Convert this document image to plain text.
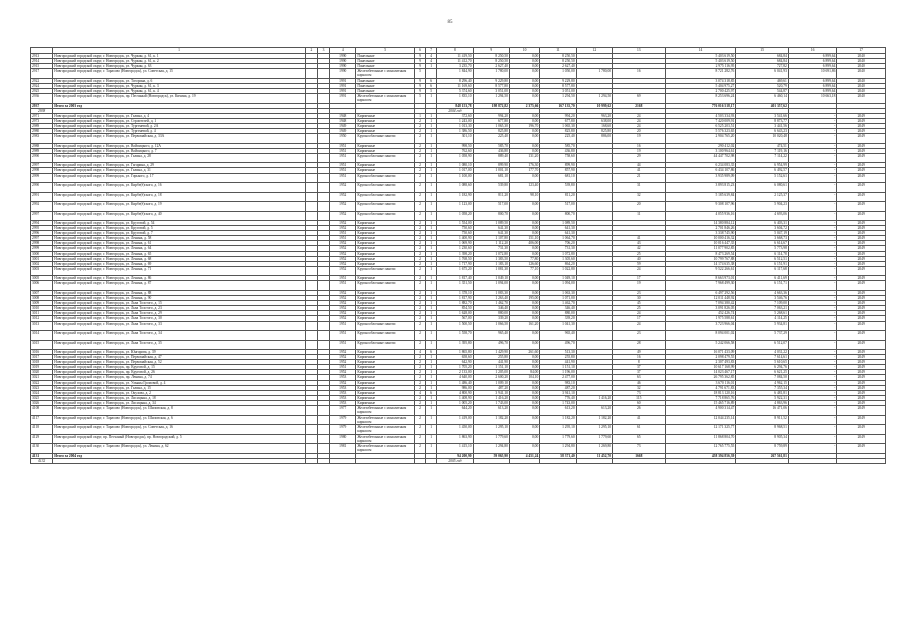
85
	1	2	3	4	5	6	7	8	9	10	11	12	13	14	15	16	17
2913	Новгородский городской округ, г. Новгородск, ул. Чуркин, д. 61, к. 1			1990	Панельные	9	4	11 419,50	8 250,50	0,00	8 250,50			5 403 619,50	684,84	6 899,64	2040
2914	Новгородский городской округ, г. Новгородск, ул. Чуркин, д. 61, к. 2			1990	Панельные	9	4	11 412,70	8 250,50	0,00	8 250,50			5 403 619,50	684,84	6 899,64	2040
2915	Новгородский городской округ, г. Новгородск, ул. Чуркин, д. 63			1990	Панельные	9	1	3 235,70	2 627,40	0,00	2 627,40			2 975 116,95	727,82	6 899,64	2040
2917	Новгородский городской округ, г. Тарасово (Новгородск), ул. Советская, д. 15			1990	Железобетонные с монолитным каркасом	5		1 844,90	1 780,00	0,00	1 050,00	1 780,00	16	8 721 282,76	6 041,93	10 691,86	2040
2922	Новгородский городской округ, г. Новгородск, ул. Тогорина, д. 6			1991	Панельные	9	6	8 296,40	9 229,80	0,00	9 229,80			3 074 318,85	469,61	6 899,64	2040
2924	Новгородский городской округ, г. Новгородск, ул. Чуркин, д. 61, к. 3			1991	Панельные	9	6	11 169,60	8 577,80	0,00	8 577,80			5 404 975,27	520,79	6 899,64	2040
2925	Новгородский городской округ, г. Новгородск, ул. Чуркин, д. 61, к. 4			1991	Панельные	9	5	5 374,60	3 051,00	0,00	3 051,00			2 700 425,97	544,87	6 899,64	2040
2936	Новгородский городской округ, г. Новгородск, пр. Песчаный (Новгородск), ул. Кичина, д. 19			1991	Железобетонные с монолитным каркасом	5	1	1 835,10	1 294,50	0,00	1 294,50	1 294,50	69	8 253 696,24	6 460,14	10 663,18	2040
2937	Итого за 2003 год							848 153,78	198 872,82	2 375,66	167 135,70	10 999,62	2168	776 016 518,17	401 357,62		
2938								2004 год									
2971	Новгородский городской округ, г. Новгородск, ул. Галина, д. 4			1948	Кирпичные	1	1	372,60	994,20	0,00	994,20	963,20	24	4 503 334,93	3 541,66	-	2049
2973	Новгородский городской округ, г. Новгородск, ул. Строителей, д. 1			1948	Кирпичные	2	1	1 243,00	677,80	0,00	677,80	638,00	24	7 420 009,91	8 873,77	-	2049
2989	Новгородский городской округ, г. Новгородск, ул. Тургеневой, д. 2А			1949	Кирпичные	2	1	1 013,30	1 065,30	196,70	1 065,30	168,60	24	6 525 203,51	3 441,56	-	2049
2980	Новгородский городской округ, г. Новгородск, ул. Тургеневой, д. 4			1949	Кирпичные	2	1	1 386,50	825,80	0,00	825,80	825,80	20	5 576 323,65	6 643,23	-	2049
2983	Новгородский городской округ, г. Новгородск, ул. Первомайская, д. 33А			1950	Крупнооблочные панели	2	1	301,10	225,40	0,00	225,40	886,00	19	2 904 765,20	10 020,48	-	2049
2988	Новгородский городской округ, г. Новгородск, ул. Войпицкого, д. 12А			1951	Кирпичные	2	1	998,50	585,70	0,00	585,70		16	290 412,02	474,51	-	2049
2989	Новгородский городской округ, г. Новгородск, ул. Войпицкого, д. 7			1951	Кирпичные	2	1	762,60	436,80	0,00	436,80		19	3 100 964,61	7 119,16	-	2049
2990	Новгородский городской округ, г. Новгородск, ул. Галина, д. 28			1951	Крупнооблочные панели	2	1	1 058,90	889,40	131,20	758,60		29	44 447 702,98	7 114,22	-	2049
2997	Новгородский городской округ, г. Новгородск, ул. Гагарина, д. 29			1951	Кирпичные	2	1	1 080,10	899,90	176,30	899,90		44	6 234 083,35	6 954,99	-	2049
2998	Новгородский городской округ, г. Новгородск, ул. Галина, д. 31			1951	Кирпичные	2	1	1 017,00	1 001,10	177,70	857,90		41	6 434 107,86	6 492,57	-	2049
2999	Новгородский городской округ, г. Новгородск, ул. Горького, д. 17			1951	Крупнооблочные панели	2	1	1 100,00	681,10	0,00	681,10		21	3 935 989,09	5 152,61	-	2049
2990	Новгородский городской округ, г. Новгородск, ул. Кирбе(ё)ского, д. 16			1952	Крупнооблочные панели	2	1	1 088,60	539,80	123,40	539,80		31	3 893 815,23	6 080,61	-	2049
2991	Новгородский городской округ, г. Новгородск, ул. Кирбе(ё)ского, д. 18			1952	Крупнооблочные панели	2	1	1 182,90	811,20	98,10	811,20		32	5 185 639,84	2 125,37	-	2049
2992	Новгородский городской округ, г. Новгородск, ул. Кирбе(ё)ского, д. 19			1952	Крупнооблочные панели	2	1	1 123,00	517,00	0,00	517,00		20	9 308 107,96	5 904,23	-	2049
2997	Новгородский городской округ, г. Новгородск, ул. Кирбе(ё)ского, д. 40			1952	Крупнооблочные панели	2	1	1 058,20	800,70	0,00	800,70		11	4 055 936,16	4 693,06	-	2049
2994	Новгородский городской округ, г. Новгородск, ул. Круговой, д. 54			1952	Кирпичные	2	1	1 554,00	1 089,50	0,00	1 089,50			14 380 884,12	6 403,31	-	2049
2995	Новгородский городской округ, г. Новгородск, ул. Круговой, д. 5			1952	Кирпичные	2	1	750,60	641,30	0,00	641,30			2 701 846,26	3 604,72	-	2049
2996	Новгородский городской округ, г. Новгородск, ул. Круговой, д. 7			1951	Кирпичные	2	1	750,60	641,30	0,00	641,30			3 338 745,90	5 047,19	-	2049
2997	Новгородский городской округ, г. Новгородск, ул. Ленина, д. 58			1951	Кирпичные	2	1	1 400,90	1 107,80	151,10	1 064,70		41	10 000 416,32	3 668,73	-	2049
2998	Новгородский городской округ, г. Новгородск, ул. Ленина, д. 61			1952	Кирпичные	2	1	1 069,90	1 112,20	406,00	706,20		43	10 016 447,35	6 614,67	-	2049
2999	Новгородский городской округ, г. Новгородск, ул. Ленина, д. 64			1952	Кирпичные	2	1	1 230,60	731,30	0,00	731,30		42	11 077 902,85	5 773,98	-	2049
3000	Новгородский городской округ, г. Новгородск, ул. Ленина, д. 65			1952	Кирпичные	2	1	1 398,20	1 072,80	0,00	1 072,80		25	8 473 269,54	6 114,78	-	2049
3001	Новгородский городской округ, г. Новгородск, ул. Ленина, д. 68			1952	Кирпичные	2	1	1 768,50	1 383,50	77,80	1 305,60		40	10 799 767,88	6 512,51	-	2049
3002	Новгородский городской округ, г. Новгородск, ул. Ленина, д. 69			1952	Кирпичные	2	1	1 717,90	1 183,10	126,60	864,20		59	14 174 635,38	6 151,91	-	2049
3003	Новгородский городской округ, г. Новгородск, ул. Ленина, д. 71			1952	Крупнооблочные панели	2	1	1 675,20	1 081,30	77,10	1 022,80		24	9 522 266,61	6 117,68	-	2049
3005	Новгородский городской округ, г. Новгородск, ул. Ленина, д. 86			1951	Кирпичные	2	1	1 817,40	1 049,10	0,00	1 049,10		17	8 663 973,01	6 411,69	-	2049
3006	Новгородский городской округ, г. Новгородск, ул. Ленина, д. 87			1951	Крупнооблочные панели	2	1	1 351,50	1 094,00	0,00	1 094,00		19	7 968 499,30	6 151,71	-	2049
3007	Новгородский городской округ, г. Новгородск, ул. Ленина, д. 88			1952	Кирпичные	2	1	1 378,10	1 083,30	0,00	1 063,30		23	6 497 292,56	4 663,36	-	2049
3008	Новгородский городской округ, г. Новгородск, ул. Ленина, д. 90			1952	Кирпичные	2	1	1 817,90	1 263,40	195,00	1 071,00		30	12 011 448,92	3 546,76	-	2049
3009	Новгородский городской округ, г. Новгородск, ул. Льва Толстого, д. 15			1952	Кирпичные	2	1	1 882,70	1 462,70	0,00	1 462,70		45	7 094 380,42	7 109,00	-	2049
3010	Новгородский городской округ, г. Новгородск, ул. Льва Толстого, д. 23			1952	Кирпичные	2	1	854,50	346,40	0,00	346,40		25	3 091 826,05	7 063,21	-	2049
3011	Новгородский городской округ, г. Новгородск, ул. Льва Толстого, д. 29			1952	Кирпичные	2	1	1 628,00	880,00	0,00	880,00		24	452 426,74	5 268,61	-	2049
3012	Новгородский городской округ, г. Новгородск, ул. Льва Толстого, д. 30			1952	Кирпичные	2	1	567,00	339,20	0,00	339,20		17	1 975 588,61	4 114,25	-	2049
3013	Новгородский городской округ, г. Новгородск, ул. Льва Толстого, д. 33			1951	Крупнооблочные панели	2	1	1 500,50	1 066,50	161,20	1 041,30		24	3 723 966,04	5 934,81	-	2049
3014	Новгородский городской округ, г. Новгородск, ул. Льва Толстого, д. 34			1951	Крупнооблочные панели	2	1	1 558,70	965,40	0,00	965,40		23	8 094 001,02	5 737,29	-	2049
3015	Новгородский городской округ, г. Новгородск, ул. Льва Толстого, д. 35			1951	Крупнооблочные панели	2	1	1 395,80	496,70	0,00	496,70		28	5 242 066,58	6 512,07	-	2049
3016	Новгородский городской округ, г. Новгородск, ул. Юнгарова, д. 39			1952	Кирпичные	4	6	1 865,80	1 429,90	261,60	513,30		49	16 071 433,09	4 031,22	-	2049
3017	Новгородский городской округ, г. Новгородск, ул. Первомайская, д. 47			1952	Кирпичные	2	1	658,60	255,80	0,00	255,80		16	2 098 479,55	7 614,61	-	2049
3018	Новгородский городской округ, г. Новгородск, ул. Первомайская, д. 52			1952	Кирпичные	2	1	642,90	441,90	0,00	441,90		8	2 307 493,83	5 610,65	-	2049
3019	Новгородский городской округ, г. Новгородск, пр. Круговой, д. 15			1951	Кирпичные	2	1	1 705,20	1 151,10	0,00	1 151,10		37	10 617 168,99	6 294,76	-	2049
3020	Новгородский городской округ, г. Новгородск, пр. Круговой, д. 26			1952	Кирпичные	2	1	2 133,00	1 205,00	84,00	1 196,00		37	14 023 467,17	6 621,25	-	2049
3021	Новгородский городской округ, г. Новгородск, пр. Ленина, д. 74			1953	Кирпичные	2	1	4 640,00	2 600,20	104,10	2 477,00		63	26 795 362,85	7 084,50	-	2049
3022	Новгородский городской округ, г. Новгородск, ул. Ульяны Громовой, д. 4			1952	Кирпичные	2	1	1 486,40	1 009,10	0,00	983,10		46	3 670 116,01	4 962,15	-	2049
3023	Новгородский городской округ, г. Новгородск, ул. Галина, д. 15			1953	Кирпичные	2	1	986,00	487,20	0,00	487,20		32	4 791 671,83	7 355,34	-	2049
3024	Новгородский городской округ, г. Новгородск, ул. Окулова, д. 2			1953	Кирпичные	4	6	4 800,90	3 941,10	0,00	3 941,10		73	18 813 120,16	6 481,81	-	2049
3025	Новгородский городской округ, г. Новгородск, ул. Лисицына, д. 18			1953	Кирпичные	2	1	1 408,90	1 416,20	0,00	776,40	1 416,20	115	7 718 865,76	5 922,31	-	2049
3026	Новгородский городской округ, г. Новгородск, ул. Лисицына, д. 34			1953	Кирпичные	2	1	1 005,20	1 743,00	0,00	1 743,00		60	15 465 716,89	4 863,96	-	2049
4108	Новгородский городской округ, г. Тарасово (Новгородск), ул. Шиловская, д. 8			1977	Железобетонные с монолитным каркасом	2	1	644,20	613,20	0,00	613,20	613,20	26	4 900 314,47	16 471,06	-	2049
4117	Новгородский городской округ, г. Тарасово (Новгородск), ул. Шиловская, д. 6			1979	Железобетонные с монолитным каркасом	2	1	1 419,00	1 182,20	0,00	1 182,20	1 182,20	41	12 044 235,14	8 911,52	-	2049
4118	Новгородский городской округ, г. Тарасово (Новгородск), ул. Советская, д. 16			1979	Железобетонные с монолитным каркасом	2	1	1 450,00	1 295,10	0,00	1 295,10	1 295,10	61	12 171 325,77	8 968,51	-	2049
4129	Новгородский городской округ, пр. Песчаный (Новгородск), пр. Новгородский, д. 5			1980	Железобетонные с монолитным каркасом	2	1	1 863,90	1 779,60	0,00	1 779,60	1 779,60	65	11 868 804,70	8 905,34	-	2049
4130	Новгородский городской округ, г. Тарасово (Новгородск), ул. Ленина, д. 62			1981	Железобетонные с монолитным каркасом	2	1	1 415,10	1 294,80	0,00	1 294,80	1 269,80	73	12 765 775,55	8 759,89	-	2049
4131	Итого за 2004 год							94 200,90	59 065,90	4 451,24	58 371,40	11 452,70	1668	458 394 856,39	267 561,81		
4132								2005 год									
